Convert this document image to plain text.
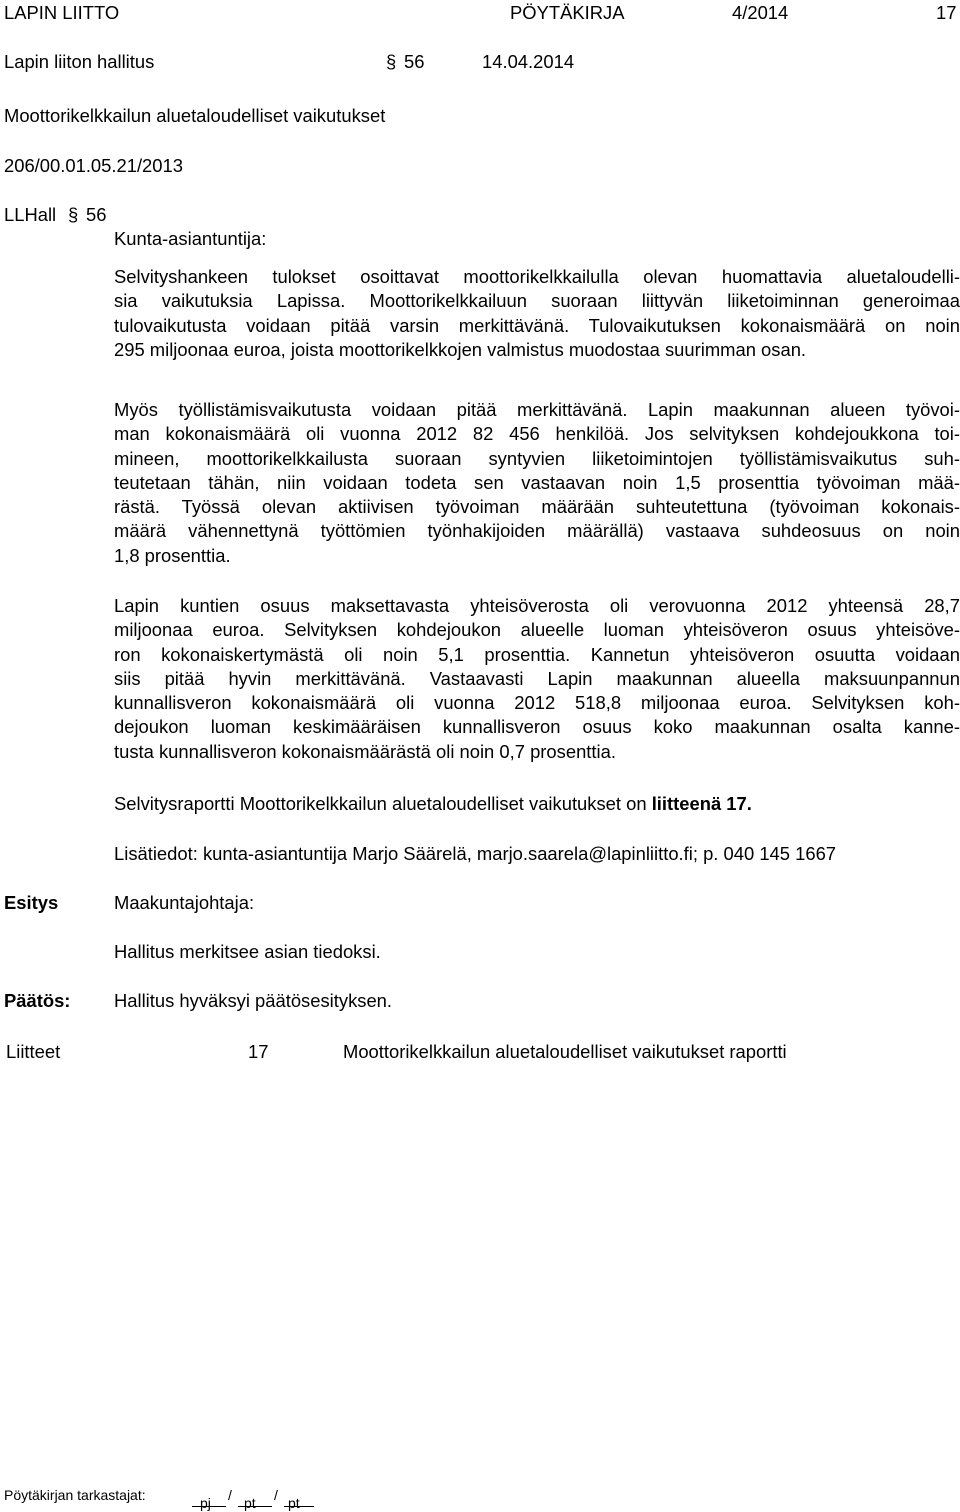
LAPIN LIITTO	PÖYTÄKIRJA	4/2014	17
Lapin liiton hallitus	§ 56	14.04.2014
Moottorikelkkailun aluetaloudelliset vaikutukset
206/00.01.05.21/2013
LLHall § 56
Kunta-asiantuntija:
Selvityshankeen tulokset osoittavat moottorikelkkailulla olevan huomattavia aluetaloudelli-
sia vaikutuksia Lapissa. Moottorikelkkailuun suoraan liittyvän liiketoiminnan generoimaa
tulovaikutusta voidaan pitää varsin merkittävänä. Tulovaikutuksen kokonaismäärä on noin
295 miljoonaa euroa, joista moottorikelkkojen valmistus muodostaa suurimman osan.
Myös työllistämisvaikutusta voidaan pitää merkittävänä. Lapin maakunnan alueen työvoi-
man kokonaismäärä oli vuonna 2012 82 456 henkilöä. Jos selvityksen kohdejoukkona toi-
mineen, moottorikelkkailusta suoraan syntyvien liiketoimintojen työllistämisvaikutus suh-
teutetaan tähän, niin voidaan todeta sen vastaavan noin 1,5 prosenttia työvoiman mää-
rästä. Työssä olevan aktiivisen työvoiman määrään suhteutettuna (työvoiman kokonais-
määrä vähennettynä työttömien työnhakijoiden määrällä) vastaava suhdeosuus on noin
1,8 prosenttia.
Lapin kuntien osuus maksettavasta yhteisöverosta oli verovuonna 2012 yhteensä 28,7
miljoonaa euroa. Selvityksen kohdejoukon alueelle luoman yhteisöveron osuus yhteisöve-
ron kokonaiskertymästä oli noin 5,1 prosenttia. Kannetun yhteisöveron osuutta voidaan
siis pitää hyvin merkittävänä. Vastaavasti Lapin maakunnan alueella maksuunpannun
kunnallisveron kokonaismäärä oli vuonna 2012 518,8 miljoonaa euroa. Selvityksen koh-
dejoukon luoman keskimääräisen kunnallisveron osuus koko maakunnan osalta kanne-
tusta kunnallisveron kokonaismäärästä oli noin 0,7 prosenttia.
Selvitysraportti Moottorikelkkailun aluetaloudelliset vaikutukset on liitteenä 17.
Lisätiedot: kunta-asiantuntija Marjo Säärelä, marjo.saarela@lapinliitto.fi; p. 040 145 1667
Esitys	Maakuntajohtaja:
Hallitus merkitsee asian tiedoksi.
Päätös: Hallitus hyväksyi päätösesityksen.
Liitteet	17	Moottorikelkkailun aluetaloudelliset vaikutukset raportti
Pöytäkirjan tarkastajat:	/	/
pj pt pt
